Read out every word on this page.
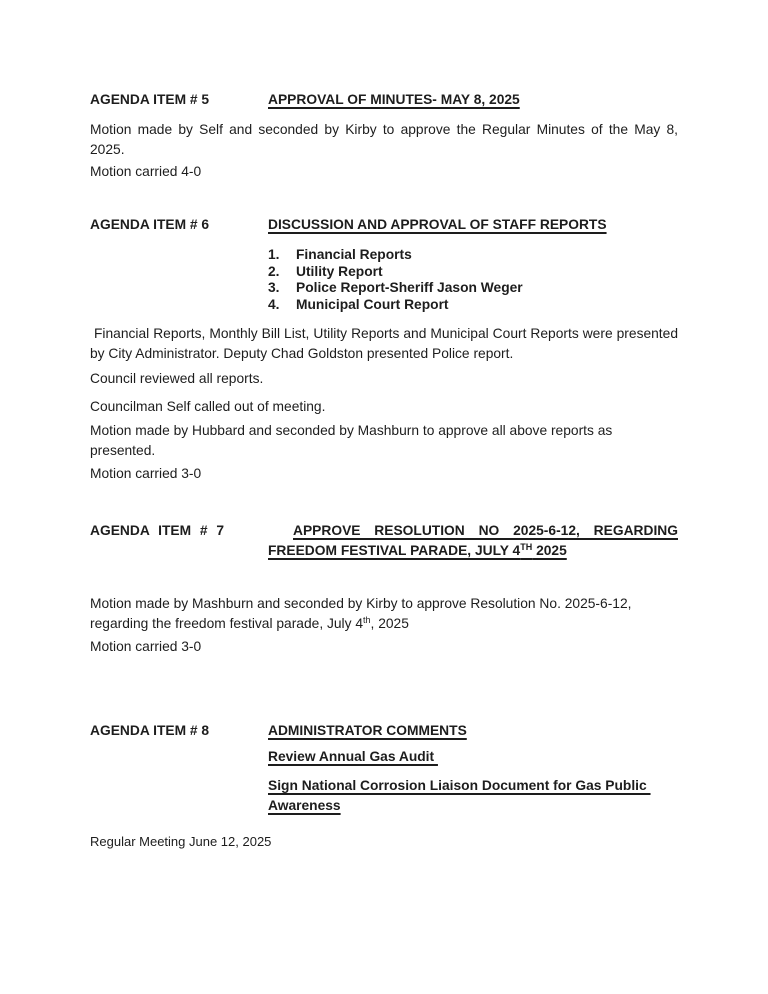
AGENDA ITEM # 5	APPROVAL OF MINUTES- MAY 8, 2025

Motion made by Self and seconded by Kirby to approve the Regular Minutes of the May 8, 2025.

Motion carried 4-0

AGENDA ITEM # 6	DISCUSSION AND APPROVAL OF STAFF REPORTS
1. Financial Reports
2. Utility Report
3. Police Report-Sheriff Jason Weger
4. Municipal Court Report

Financial Reports, Monthly Bill List, Utility Reports and Municipal Court Reports were presented by City Administrator. Deputy Chad Goldston presented Police report.

Council reviewed all reports.

Councilman Self called out of meeting.

Motion made by Hubbard and seconded by Mashburn to approve all above reports as presented.

Motion carried 3-0

AGENDA ITEM # 7	APPROVE RESOLUTION NO 2025-6-12, REGARDING
FREEDOM FESTIVAL PARADE, JULY 4TH 2025

Motion made by Mashburn and seconded by Kirby to approve Resolution No. 2025-6-12,
regarding the freedom festival parade, July 4th, 2025

Motion carried 3-0

AGENDA ITEM # 8	ADMINISTRATOR COMMENTS
Review Annual Gas Audit
Sign National Corrosion Liaison Document for Gas Public
Awareness

Regular Meeting June 12, 2025
